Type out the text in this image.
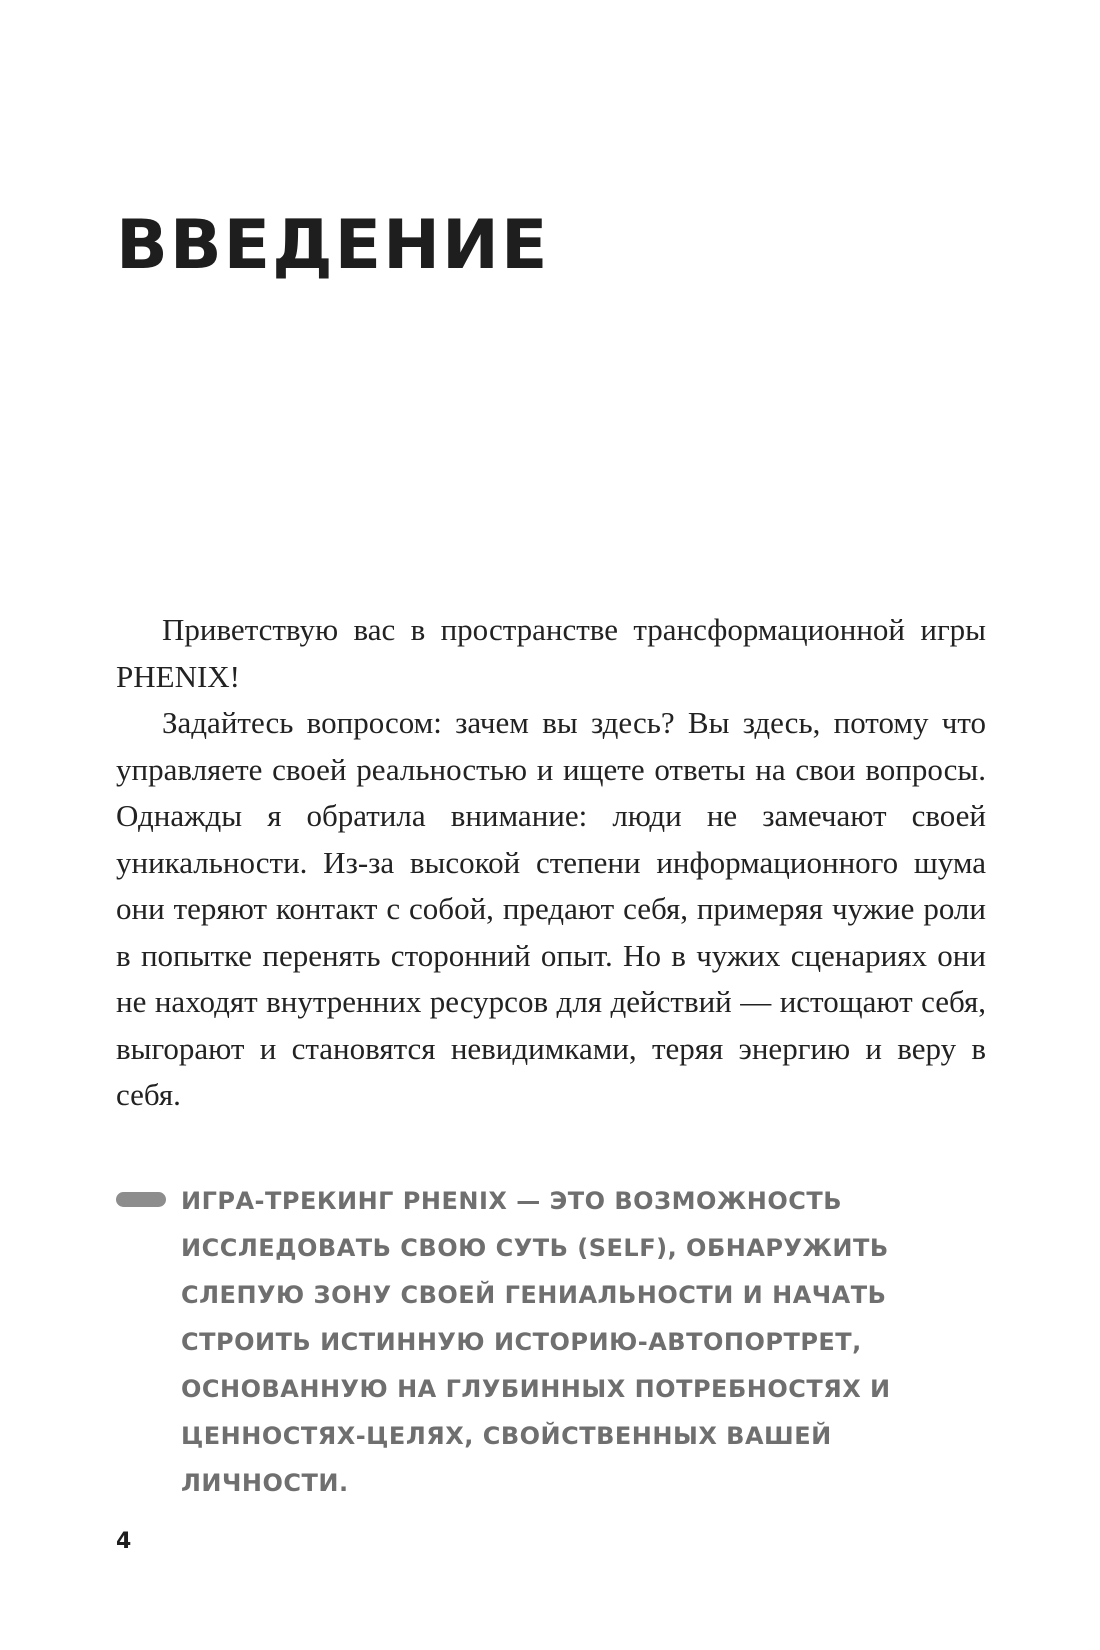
ВВЕДЕНИЕ

Приветствую вас в пространстве трансформационной игры PHENIX!

Задайтесь вопросом: зачем вы здесь? Вы здесь, потому что управляете своей реальностью и ищете ответы на свои вопросы. Однажды я обратила внимание: люди не замечают своей уникальности. Из-за высокой степени информационного шума они теряют контакт с собой, предают себя, примеряя чужие роли в попытке перенять сторонний опыт. Но в чужих сценариях они не находят внутренних ресурсов для действий — истощают себя, выгорают и становятся невидимками, теряя энергию и веру в себя.

ИГРА-ТРЕКИНГ PHENIX — ЭТО ВОЗМОЖНОСТЬ ИССЛЕДОВАТЬ СВОЮ СУТЬ (SELF), ОБНАРУЖИТЬ СЛЕПУЮ ЗОНУ СВОЕЙ ГЕНИАЛЬНОСТИ И НАЧАТЬ СТРОИТЬ ИСТИННУЮ ИСТОРИЮ-АВТОПОРТРЕТ, ОСНОВАННУЮ НА ГЛУБИННЫХ ПОТРЕБНОСТЯХ И ЦЕННОСТЯХ-ЦЕЛЯХ, СВОЙСТВЕННЫХ ВАШЕЙ ЛИЧНОСТИ.

4
